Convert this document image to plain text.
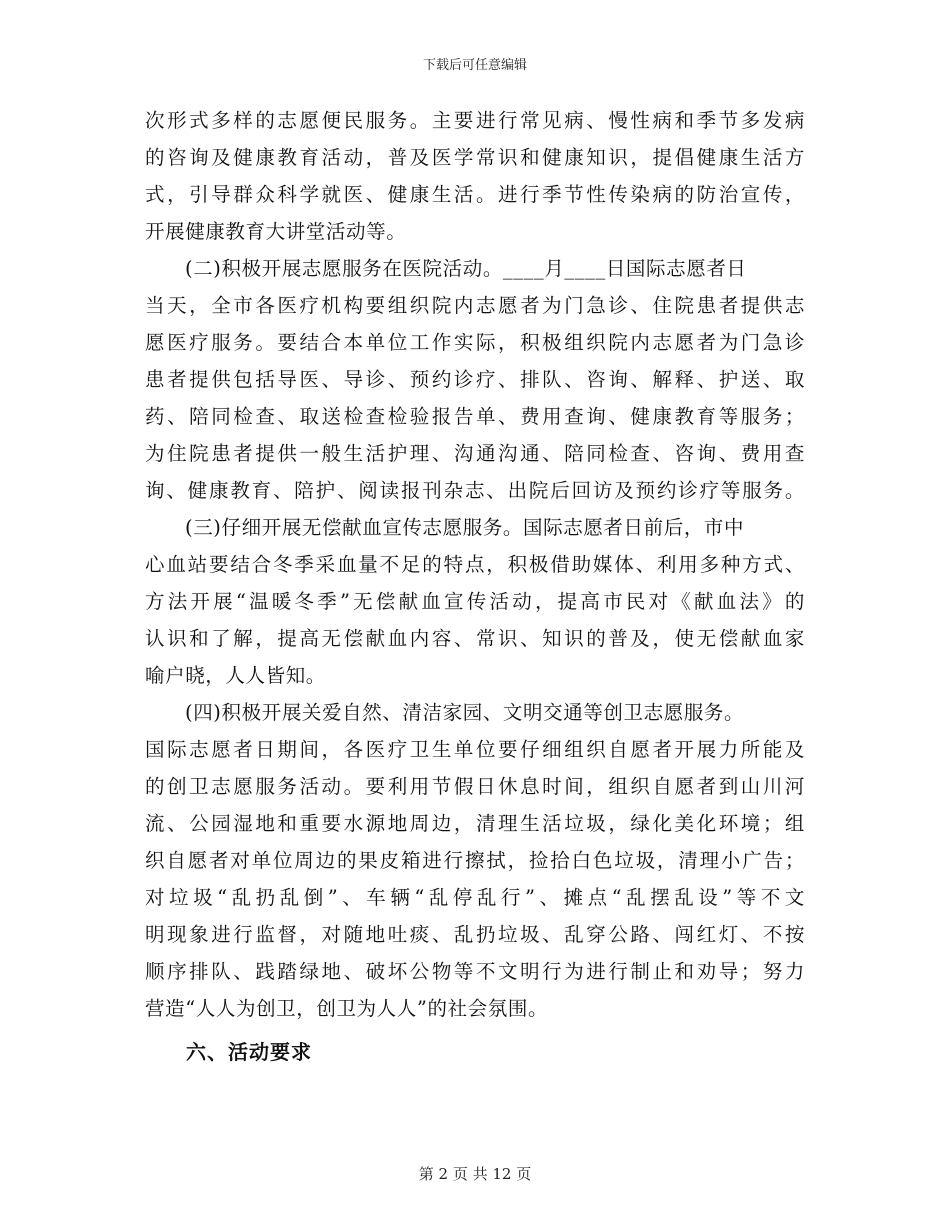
下载后可任意编辑
次形式多样的志愿便民服务。主要进行常见病、慢性病和季节多发病
的咨询及健康教育活动，普及医学常识和健康知识，提倡健康生活方
式，引导群众科学就医、健康生活。进行季节性传染病的防治宣传，
开展健康教育大讲堂活动等。
(二)积极开展志愿服务在医院活动。____月____日国际志愿者日
当天，全市各医疗机构要组织院内志愿者为门急诊、住院患者提供志
愿医疗服务。要结合本单位工作实际，积极组织院内志愿者为门急诊
患者提供包括导医、导诊、预约诊疗、排队、咨询、解释、护送、取
药、陪同检查、取送检查检验报告单、费用查询、健康教育等服务；
为住院患者提供一般生活护理、沟通沟通、陪同检查、咨询、费用查
询、健康教育、陪护、阅读报刊杂志、出院后回访及预约诊疗等服务。
(三)仔细开展无偿献血宣传志愿服务。国际志愿者日前后，市中
心血站要结合冬季采血量不足的特点，积极借助媒体、利用多种方式、
方法开展“温暖冬季”无偿献血宣传活动，提高市民对《献血法》的
认识和了解，提高无偿献血内容、常识、知识的普及，使无偿献血家
喻户晓，人人皆知。
(四)积极开展关爱自然、清洁家园、文明交通等创卫志愿服务。
国际志愿者日期间，各医疗卫生单位要仔细组织自愿者开展力所能及
的创卫志愿服务活动。要利用节假日休息时间，组织自愿者到山川河
流、公园湿地和重要水源地周边，清理生活垃圾，绿化美化环境；组
织自愿者对单位周边的果皮箱进行擦拭，捡拾白色垃圾，清理小广告；
对垃圾“乱扔乱倒”、车辆“乱停乱行”、摊点“乱摆乱设”等不文
明现象进行监督，对随地吐痰、乱扔垃圾、乱穿公路、闯红灯、不按
顺序排队、践踏绿地、破坏公物等不文明行为进行制止和劝导；努力
营造“人人为创卫，创卫为人人”的社会氛围。
六、活动要求
第 2 页 共 12 页
